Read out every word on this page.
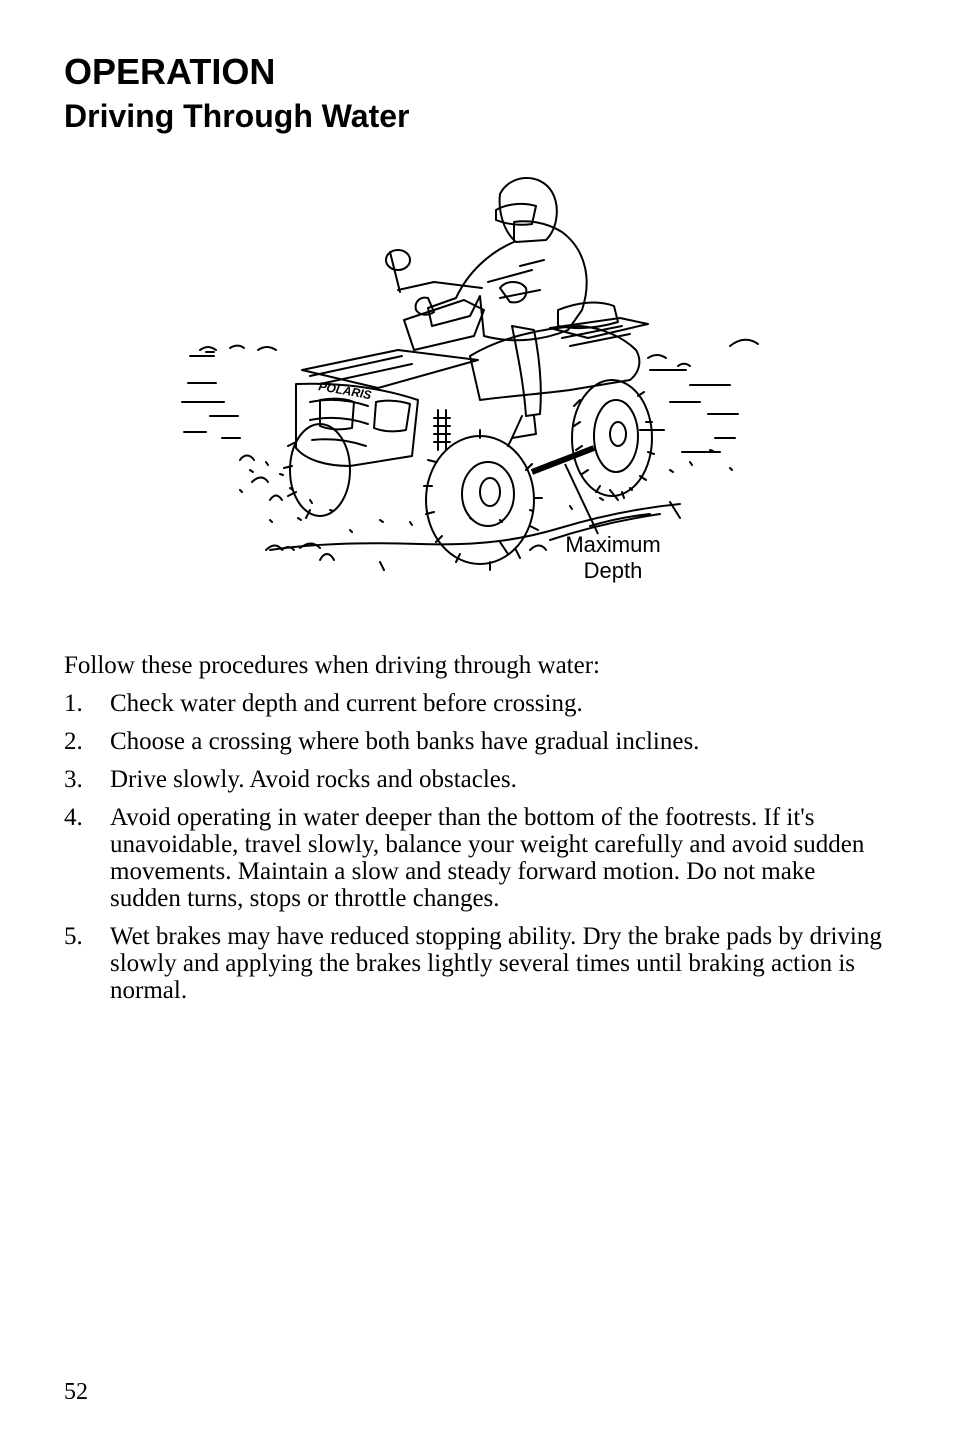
OPERATION
Driving Through Water
POLARIS
Maximum
Depth

Follow these procedures when driving through water:

1. Check water depth and current before crossing.
2. Choose a crossing where both banks have gradual inclines.
3. Drive slowly. Avoid rocks and obstacles.
4. Avoid operating in water deeper than the bottom of the footrests. If it's unavoidable, travel slowly, balance your weight carefully and avoid sudden movements. Maintain a slow and steady forward motion. Do not make sudden turns, stops or throttle changes.
5. Wet brakes may have reduced stopping ability. Dry the brake pads by driving slowly and applying the brakes lightly several times until braking action is normal.
52
